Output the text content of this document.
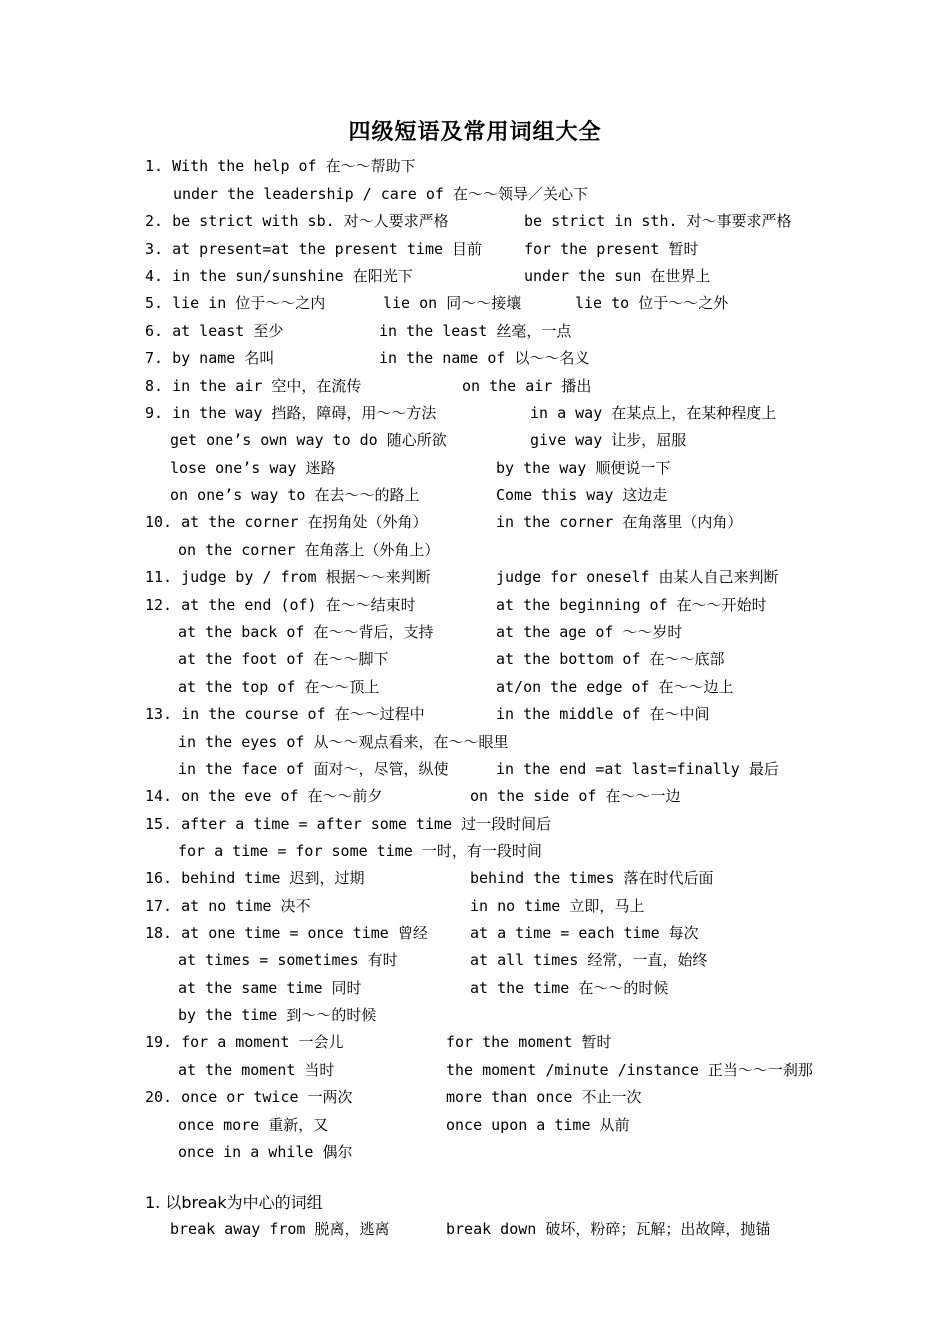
四级短语及常用词组大全
1. With the help of 在～～帮助下
under the leadership / care of 在～～领导／关心下
2. be strict with sb. 对～人要求严格	be strict in sth. 对～事要求严格
3. at present=at the present time 目前	for the present 暂时
4. in the sun/sunshine 在阳光下	under the sun 在世界上
5. lie in 位于～～之内	lie on 同～～接壤	lie to 位于～～之外
6. at least 至少	in the least 丝毫，一点
7. by name 名叫	in the name of 以～～名义
8. in the air 空中，在流传	on the air 播出
9. in the way 挡路，障碍，用～～方法	in a way 在某点上，在某种程度上
get one’s own way to do 随心所欲	give way 让步，屈服
lose one’s way 迷路	by the way 顺便说一下
on one’s way to 在去～～的路上	Come this way 这边走
10. at the corner 在拐角处（外角）	in the corner 在角落里（内角）
on the corner 在角落上（外角上）
11. judge by / from 根据～～来判断	judge for oneself 由某人自己来判断
12. at the end (of) 在～～结束时	at the beginning of 在～～开始时
at the back of 在～～背后，支持	at the age of ～～岁时
at the foot of 在～～脚下	at the bottom of 在～～底部
at the top of 在～～顶上	at/on the edge of 在～～边上
13. in the course of 在～～过程中	in the middle of 在～中间
in the eyes of 从～～观点看来，在～～眼里
in the face of 面对～，尽管，纵使	in the end =at last=finally 最后
14. on the eve of 在～～前夕	on the side of 在～～一边
15. after a time = after some time 过一段时间后
for a time = for some time 一时，有一段时间
16. behind time 迟到，过期	behind the times 落在时代后面
17. at no time 决不	in no time 立即，马上
18. at one time = once time 曾经	at a time = each time 每次
at times = sometimes 有时	at all times 经常，一直，始终
at the same time 同时	at the time 在～～的时候
by the time 到～～的时候
19. for a moment 一会儿	for the moment 暂时
at the moment 当时	the moment /minute /instance 正当～～一刹那
20. once or twice 一两次	more than once 不止一次
once more 重新，又	once upon a time 从前
once in a while 偶尔
1. 以break为中心的词组
break away from 脱离，逃离	break down 破坏，粉碎；瓦解；出故障，抛锚
